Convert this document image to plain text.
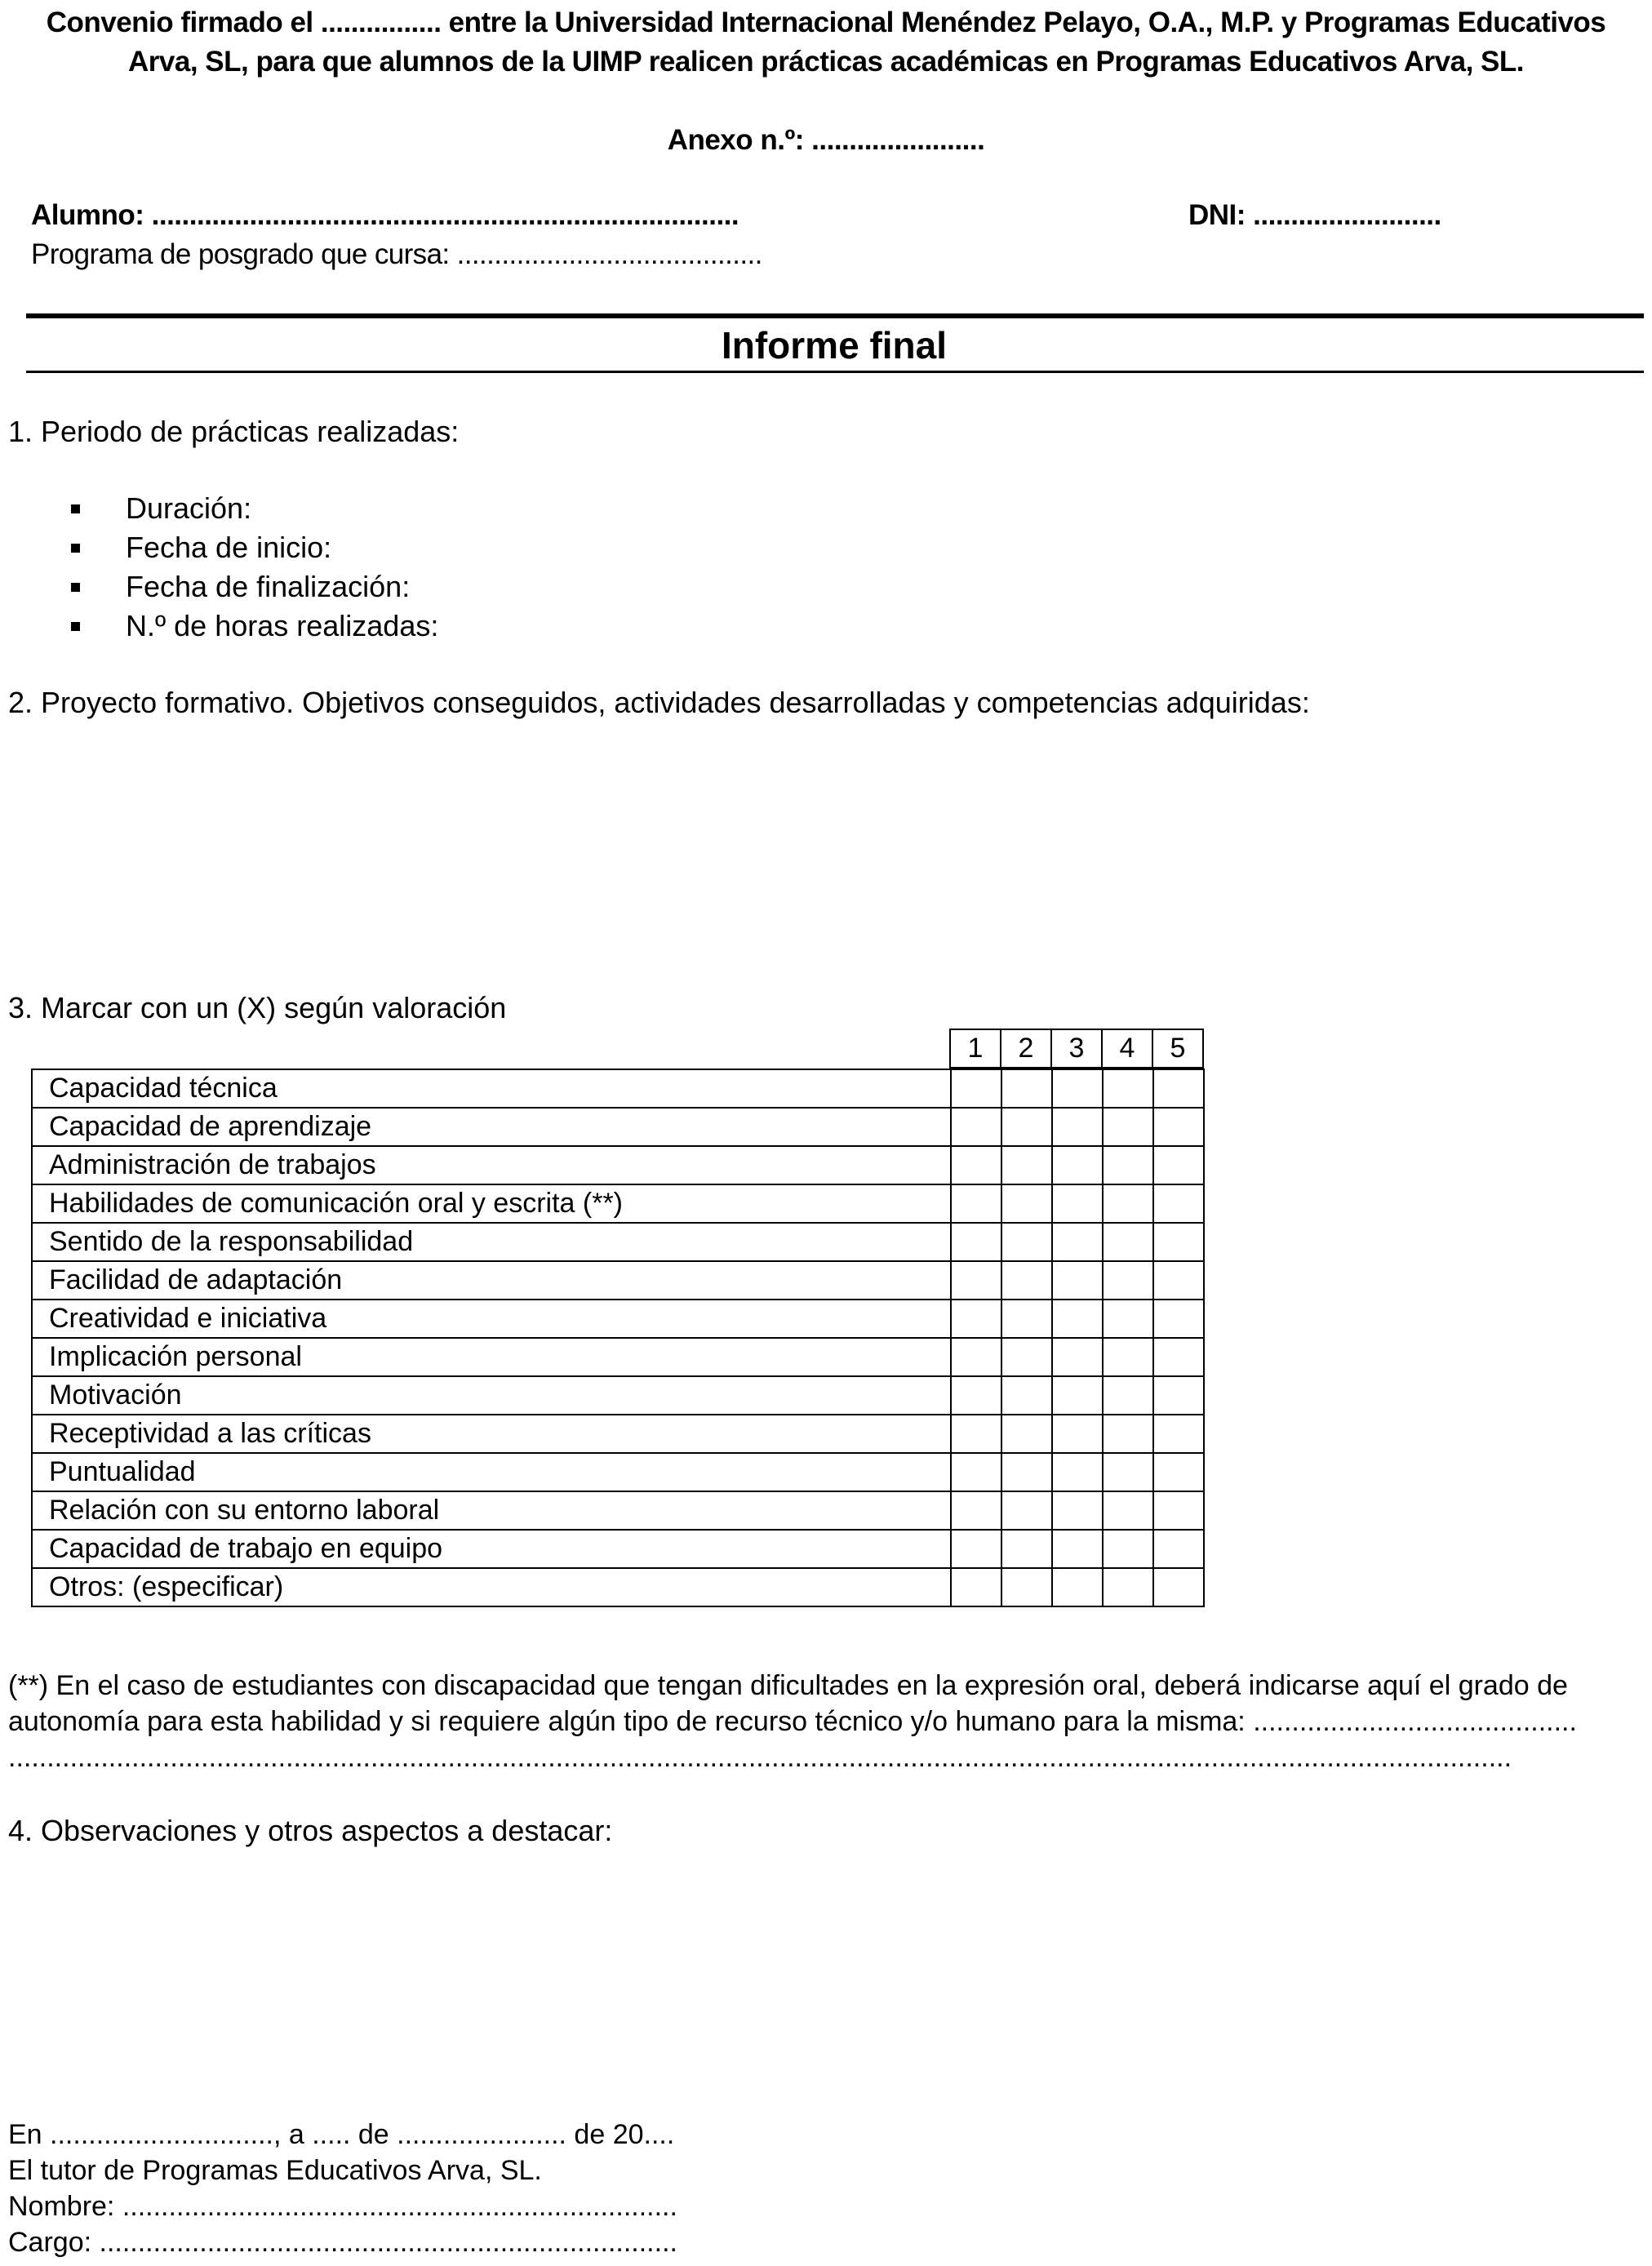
Convenio firmado el ................ entre la Universidad Internacional Menéndez Pelayo, O.A., M.P. y Programas Educativos
Arva, SL, para que alumnos de la UIMP realicen prácticas académicas en Programas Educativos Arva, SL.
Anexo n.º: .......................
Alumno: ..............................................................................	DNI: .........................
Programa de posgrado que cursa: .........................................
Informe final
1. Periodo de prácticas realizadas:
Duración:
Fecha de inicio:
Fecha de finalización:
N.º de horas realizadas:
2. Proyecto formativo. Objetivos conseguidos, actividades desarrolladas y competencias adquiridas:
3. Marcar con un (X) según valoración
1	2	3	4	5
Capacidad técnica					
Capacidad de aprendizaje					
Administración de trabajos					
Habilidades de comunicación oral y escrita (**)					
Sentido de la responsabilidad					
Facilidad de adaptación					
Creatividad e iniciativa					
Implicación personal					
Motivación					
Receptividad a las críticas					
Puntualidad					
Relación con su entorno laboral					
Capacidad de trabajo en equipo					
Otros: (especificar)					
(**) En el caso de estudiantes con discapacidad que tengan dificultades en la expresión oral, deberá indicarse aquí el grado de
autonomía para esta habilidad y si requiere algún tipo de recurso técnico y/o humano para la misma: ..........................................
...................................................................................................................................................................................................
4. Observaciones y otros aspectos a destacar:
En ............................., a ..... de ...................... de 20....
El tutor de Programas Educativos Arva, SL.
Nombre: ........................................................................
Cargo: ...........................................................................
